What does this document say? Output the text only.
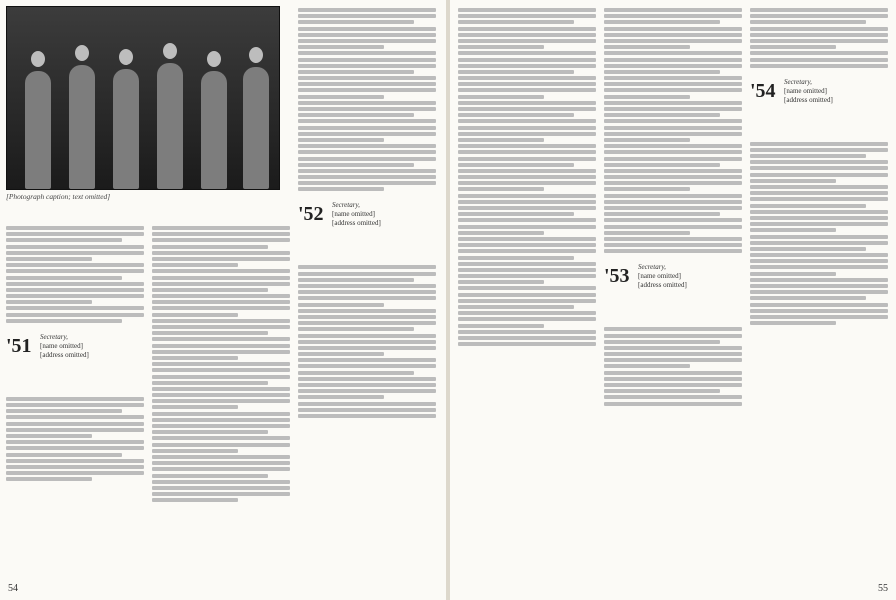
[Photograph caption; text omitted]
'51 Secretary,
[name omitted]
[address omitted]
'52 Secretary,
[name omitted]
[address omitted]
54
'53 Secretary,
[name omitted]
[address omitted]
'54 Secretary,
[name omitted]
[address omitted]
55
